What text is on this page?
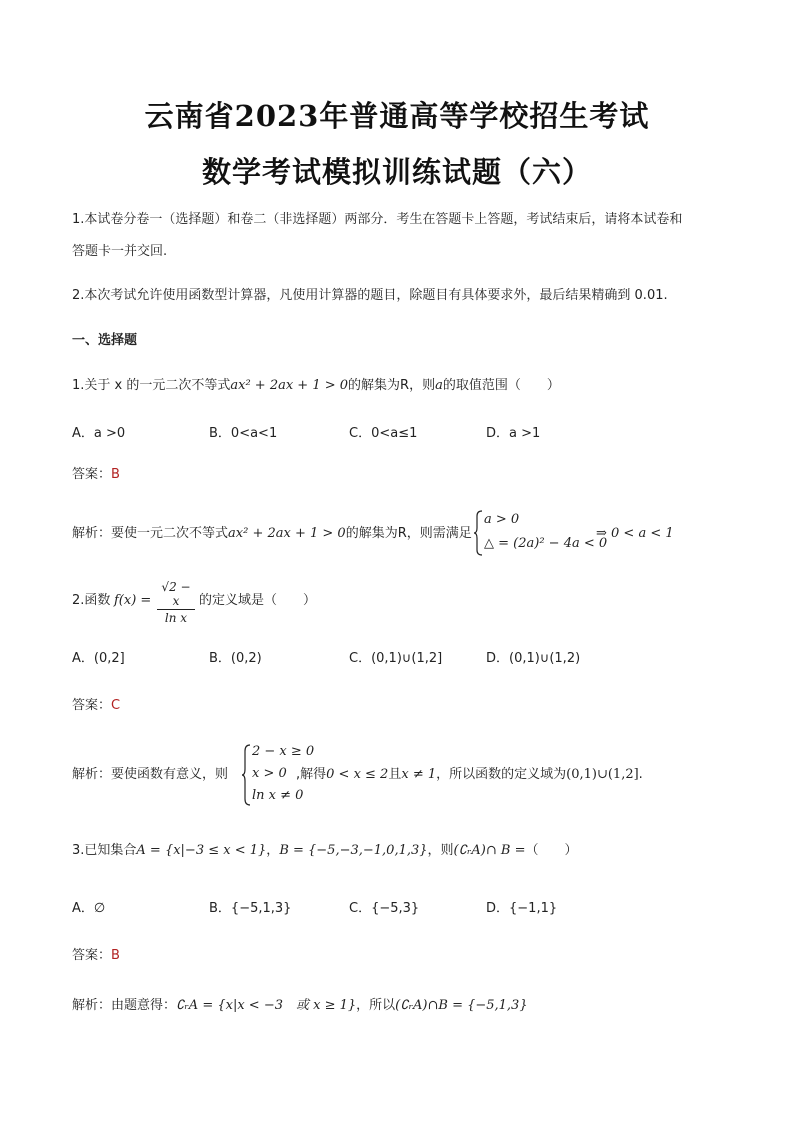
云南省2023年普通高等学校招生考试
数学考试模拟训练试题（六）
1.本试卷分卷一（选择题）和卷二（非选择题）两部分．考生在答题卡上答题，考试结束后，请将本试卷和
答题卡一并交回.
2.本次考试允许使用函数型计算器，凡使用计算器的题目，除题目有具体要求外，最后结果精确到 0.01.
一、选择题
1.关于 x 的一元二次不等式ax² + 2ax + 1 > 0的解集为R，则a的取值范围（　　）
A．a >0	B．0<a<1	C．0<a≤1	D．a >1
答案：B
解析：要使一元二次不等式ax² + 2ax + 1 > 0的解集为R，则需满足
a > 0
△ = (2a)² − 4a < 0
⇒ 0 < a < 1
2.函数 f(x) =
√2 − x
ln x
的定义域是（　　）
A．(0,2]	B．(0,2)	C．(0,1)∪(1,2]	D．(0,1)∪(1,2)
答案：C
解析：要使函数有意义，则
2 − x ≥ 0
x > 0
ln x ≠ 0
,解得0 < x ≤ 2且x ≠ 1，所以函数的定义域为(0,1)∪(1,2].
3.已知集合A = {x|−3 ≤ x < 1}，B = {−5,−3,−1,0,1,3}，则(∁ᵣA)∩ B =（　　）
A．∅	B．{−5,1,3}	C．{−5,3}	D．{−1,1}
答案：B
解析：由题意得：∁ᵣA = {x|x < −3　或 x ≥ 1}，所以(∁ᵣA)∩B = {−5,1,3}
